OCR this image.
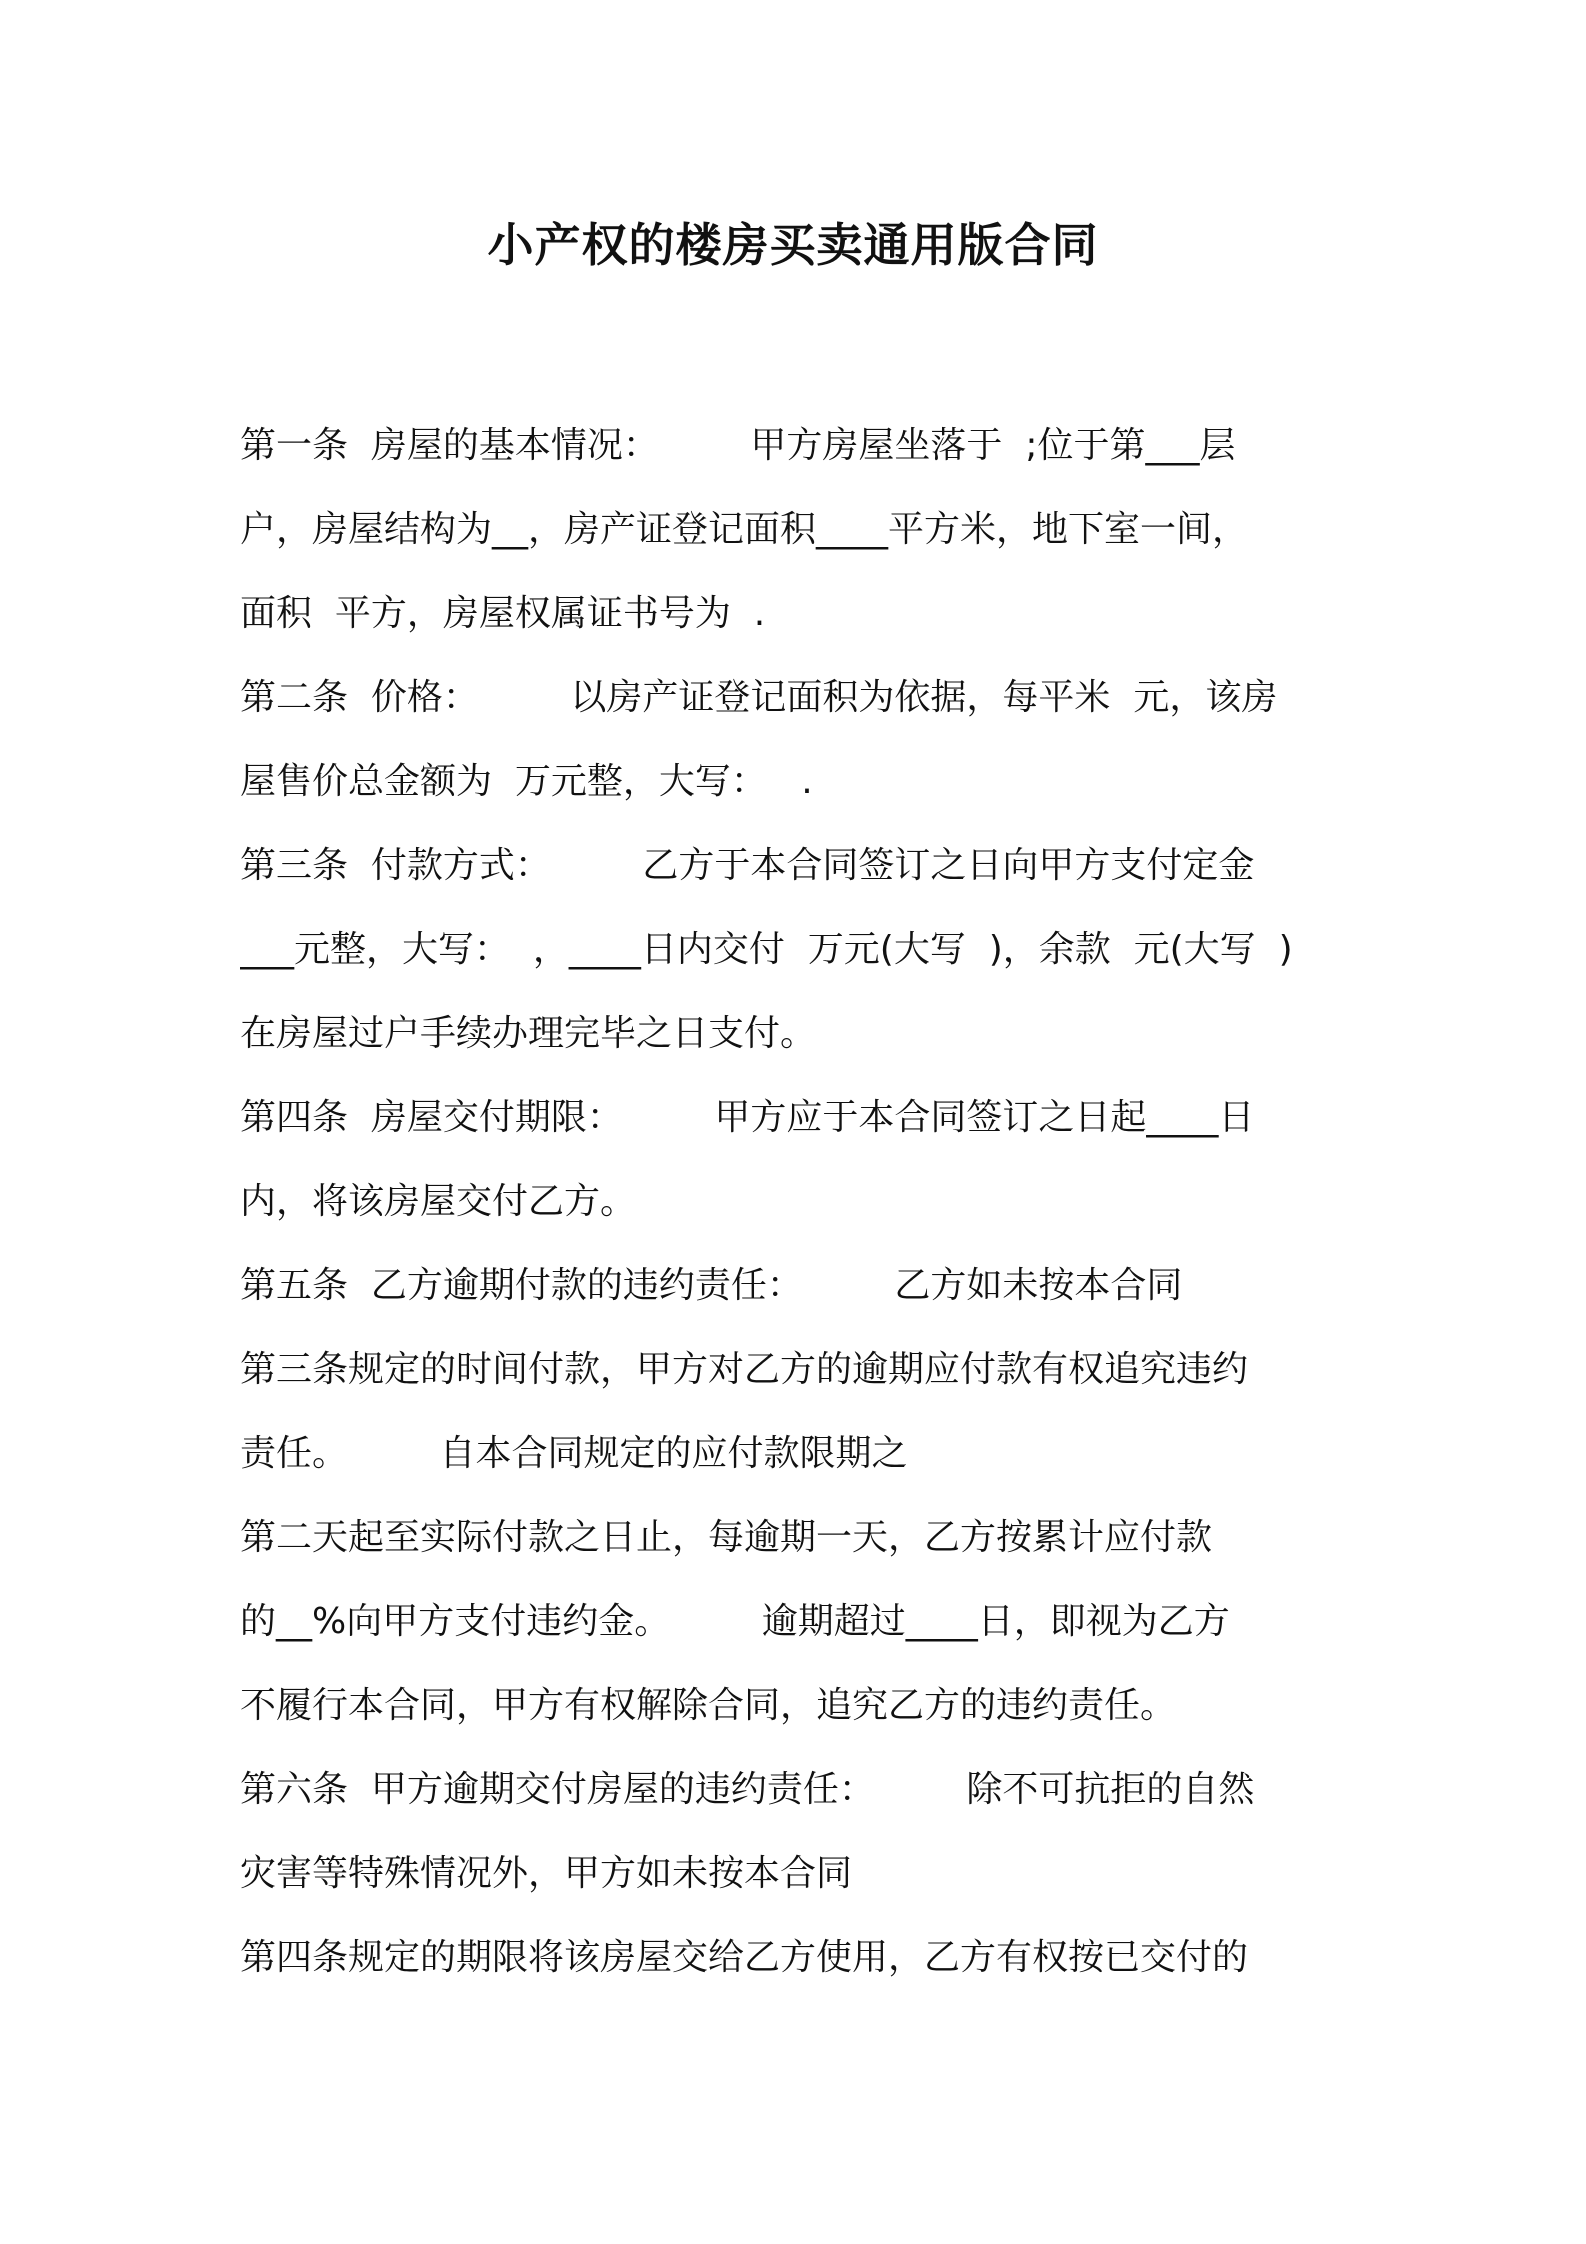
小产权的楼房买卖通用版合同
第一条  房屋的基本情况：        甲方房屋坐落于  ;位于第___层
户，房屋结构为__，房产证登记面积____平方米，地下室一间，
面积  平方，房屋权属证书号为  .
第二条  价格：        以房产证登记面积为依据，每平米  元，该房
屋售价总金额为  万元整，大写：   .
第三条  付款方式：        乙方于本合同签订之日向甲方支付定金
___元整，大写：  ，____日内交付  万元(大写  )，余款  元(大写  )
在房屋过户手续办理完毕之日支付。
第四条  房屋交付期限：        甲方应于本合同签订之日起____日
内，将该房屋交付乙方。
第五条  乙方逾期付款的违约责任：        乙方如未按本合同
第三条规定的时间付款，甲方对乙方的逾期应付款有权追究违约
责任。        自本合同规定的应付款限期之
第二天起至实际付款之日止，每逾期一天，乙方按累计应付款
的__%向甲方支付违约金。        逾期超过____日，即视为乙方
不履行本合同，甲方有权解除合同，追究乙方的违约责任。
第六条  甲方逾期交付房屋的违约责任：        除不可抗拒的自然
灾害等特殊情况外，甲方如未按本合同
第四条规定的期限将该房屋交给乙方使用，乙方有权按已交付的
